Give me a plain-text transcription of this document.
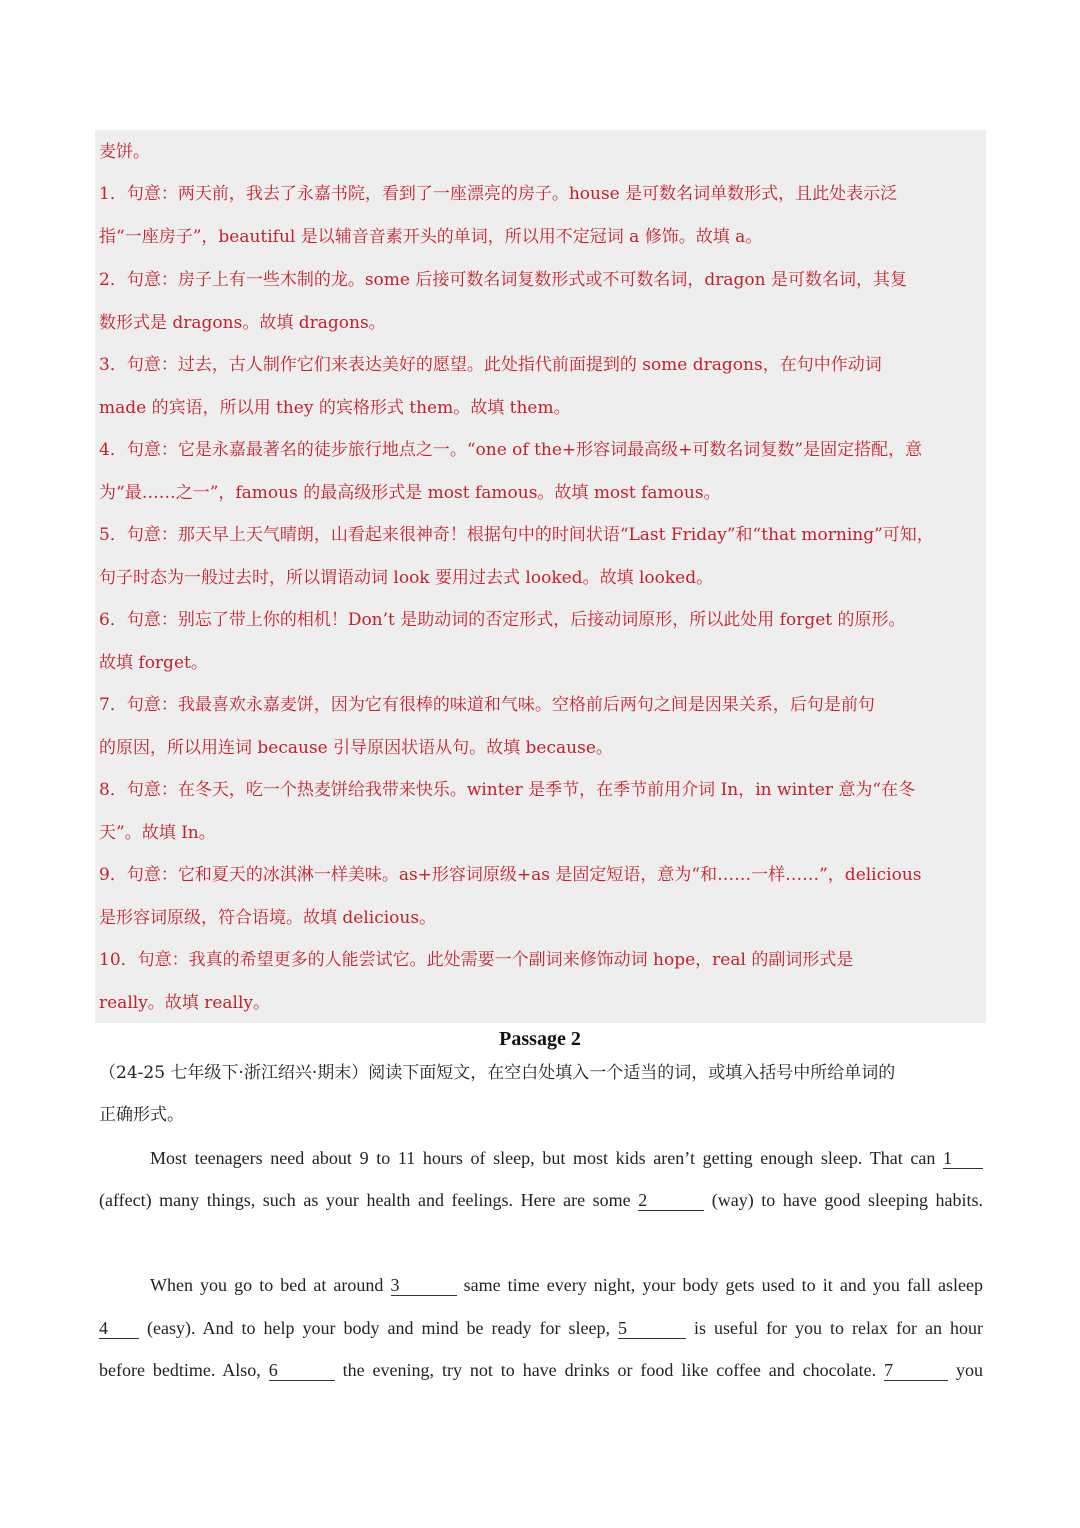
1．句意：两天前，我去了永嘉书院，看到了一座漂亮的房子。house 是可数名词单数形式，且此处表示泛

指“一座房子”，beautiful 是以辅音音素开头的单词，所以用不定冠词 a 修饰。故填 a。

2．句意：房子上有一些木制的龙。some 后接可数名词复数形式或不可数名词，dragon 是可数名词，其复

数形式是 dragons。故填 dragons。

3．句意：过去，古人制作它们来表达美好的愿望。此处指代前面提到的 some dragons，在句中作动词

made 的宾语，所以用 they 的宾格形式 them。故填 them。

4．句意：它是永嘉最著名的徒步旅行地点之一。“one of the+形容词最高级+可数名词复数”是固定搭配，意

为“最……之一”，famous 的最高级形式是 most famous。故填 most famous。

5．句意：那天早上天气晴朗，山看起来很神奇！根据句中的时间状语“Last Friday”和“that morning”可知，

句子时态为一般过去时，所以谓语动词 look 要用过去式 looked。故填 looked。

6．句意：别忘了带上你的相机！Don’t 是助动词的否定形式，后接动词原形，所以此处用 forget 的原形。

故填 forget。

7．句意：我最喜欢永嘉麦饼，因为它有很棒的味道和气味。空格前后两句之间是因果关系，后句是前句

的原因，所以用连词 because 引导原因状语从句。故填 because。

8．句意：在冬天，吃一个热麦饼给我带来快乐。winter 是季节，在季节前用介词 In，in winter 意为“在冬

天”。故填 In。

9．句意：它和夏天的冰淇淋一样美味。as+形容词原级+as 是固定短语，意为“和……一样……”，delicious

是形容词原级，符合语境。故填 delicious。

10．句意：我真的希望更多的人能尝试它。此处需要一个副词来修饰动词 hope，real 的副词形式是

really。故填 really。

麦饼。

Passage 2
（24-25 七年级下·浙江绍兴·期末）阅读下面短文，在空白处填入一个适当的词，或填入括号中所给单词的
正确形式。
Most teenagers need about 9 to 11 hours of sleep, but most kids aren’t getting enough sleep. That can 1
(affect) many things, such as your health and feelings. Here are some 2	(way) to have good sleeping habits.
When you go to bed at around 3	same time every night, your body gets used to it and you fall asleep
4 (easy). And to help your body and mind be ready for sleep, 5	is useful for you to relax for an hour
before bedtime. Also, 6	the evening, try not to have drinks or food like coffee and chocolate. 7	you
